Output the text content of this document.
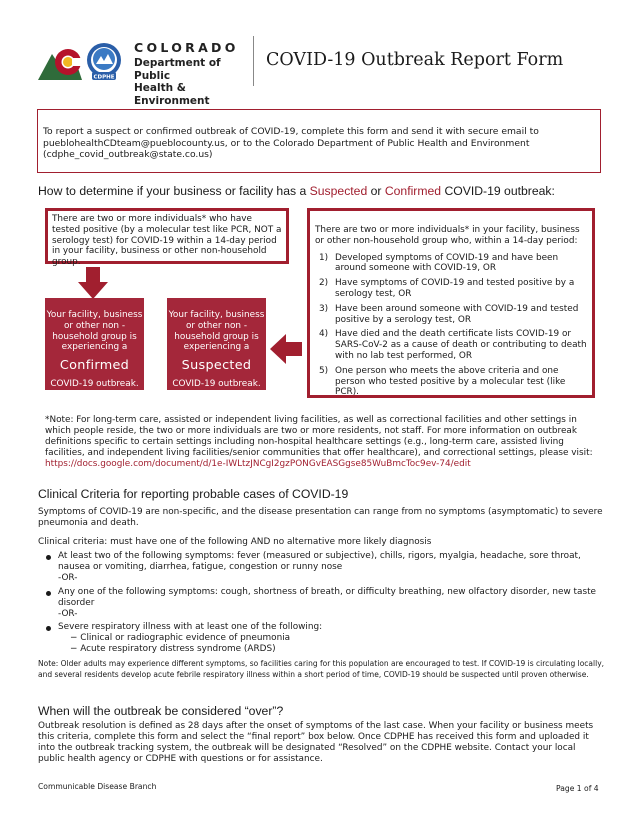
CDPHE
COLORADO
Department of Public
Health & Environment
COVID-19 Outbreak Report Form
To report a suspect or confirmed outbreak of COVID-19, complete this form and send it with secure email to pueblohealthCDteam@pueblocounty.us, or to the Colorado Department of Public Health and Environment (cdphe_covid_outbreak@state.co.us)
How to determine if your business or facility has a Suspected or Confirmed COVID-19 outbreak:
There are two or more individuals* who have tested positive (by a molecular test like PCR, NOT a serology test) for COVID-19 within a 14-day period in your facility, business or other non-household group.
There are two or more individuals* in your facility, business or other non-household group who, within a 14-day period:
1) Developed symptoms of COVID-19 and have been around someone with COVID-19, OR
2) Have symptoms of COVID-19 and tested positive by a serology test, OR
3) Have been around someone with COVID-19 and tested positive by a serology test, OR
4) Have died and the death certificate lists COVID-19 or SARS-CoV-2 as a cause of death or contributing to death with no lab test performed, OR
5) One person who meets the above criteria and one person who tested positive by a molecular test (like PCR).
Your facility, business or other non -household group is experiencing a
Confirmed
COVID-19 outbreak.
Your facility, business or other non -household group is experiencing a
Suspected
COVID-19 outbreak.
*Note: For long-term care, assisted or independent living facilities, as well as correctional facilities and other settings in which people reside, the two or more individuals are two or more residents, not staff. For more information on outbreak definitions specific to certain settings including non-hospital healthcare settings (e.g., long-term care, assisted living facilities, and independent living facilities/senior communities that offer healthcare), and correctional settings, please visit:
https://docs.google.com/document/d/1e-IWLtzJNCgI2gzPONGvEASGgse85WuBmcToc9ev-74/edit
Clinical Criteria for reporting probable cases of COVID-19
Symptoms of COVID-19 are non-specific, and the disease presentation can range from no symptoms (asymptomatic) to severe pneumonia and death.
Clinical criteria: must have one of the following AND no alternative more likely diagnosis
At least two of the following symptoms: fever (measured or subjective), chills, rigors, myalgia, headache, sore throat, nausea or vomiting, diarrhea, fatigue, congestion or runny nose
-OR-
Any one of the following symptoms: cough, shortness of breath, or difficulty breathing, new olfactory disorder, new taste disorder
-OR-
Severe respiratory illness with at least one of the following:
− Clinical or radiographic evidence of pneumonia
− Acute respiratory distress syndrome (ARDS)
Note: Older adults may experience different symptoms, so facilities caring for this population are encouraged to test. If COVID-19 is circulating locally, and several residents develop acute febrile respiratory illness within a short period of time, COVID-19 should be suspected until proven otherwise.
When will the outbreak be considered “over”?
Outbreak resolution is defined as 28 days after the onset of symptoms of the last case. When your facility or business meets this criteria, complete this form and select the “final report” box below. Once CDPHE has received this form and uploaded it into the outbreak tracking system, the outbreak will be designated “Resolved” on the CDPHE website. Contact your local public health agency or CDPHE with questions or for assistance.
Communicable Disease Branch	Page 1 of 4
